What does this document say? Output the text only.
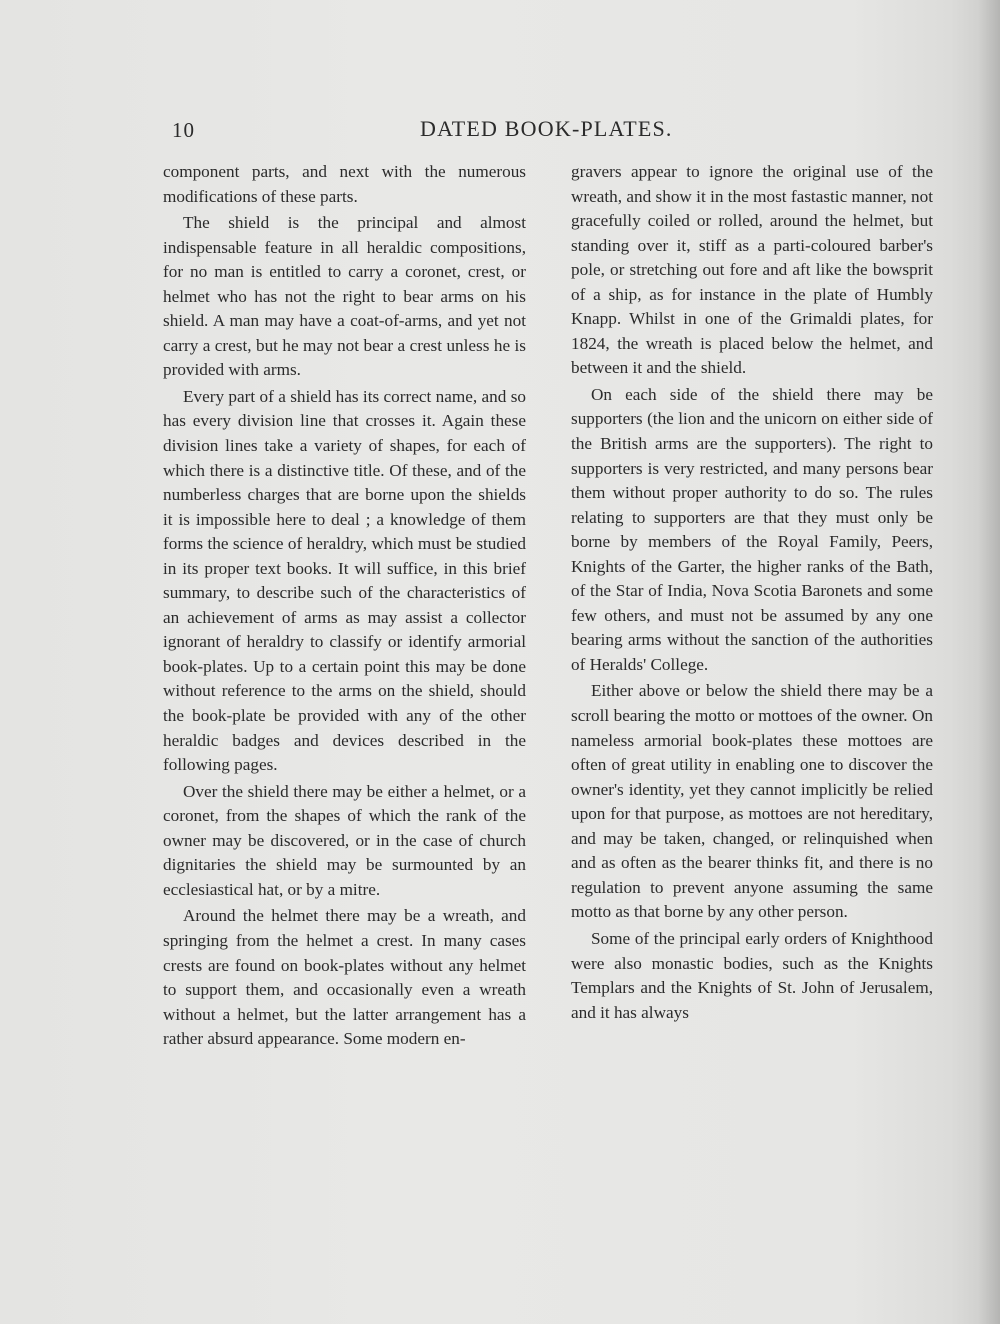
10	DATED BOOK-PLATES.

component parts, and next with the numerous modifications of these parts.

The shield is the principal and almost indispensable feature in all heraldic compositions, for no man is entitled to carry a coronet, crest, or helmet who has not the right to bear arms on his shield. A man may have a coat-of-arms, and yet not carry a crest, but he may not bear a crest unless he is provided with arms.

Every part of a shield has its correct name, and so has every division line that crosses it. Again these division lines take a variety of shapes, for each of which there is a distinctive title. Of these, and of the numberless charges that are borne upon the shields it is impossible here to deal ; a knowledge of them forms the science of heraldry, which must be studied in its proper text books. It will suffice, in this brief summary, to describe such of the characteristics of an achievement of arms as may assist a collector ignorant of heraldry to classify or identify armorial book-plates. Up to a certain point this may be done without reference to the arms on the shield, should the book-plate be provided with any of the other heraldic badges and devices described in the following pages.

Over the shield there may be either a helmet, or a coronet, from the shapes of which the rank of the owner may be discovered, or in the case of church dignitaries the shield may be surmounted by an ecclesiastical hat, or by a mitre.

Around the helmet there may be a wreath, and springing from the helmet a crest. In many cases crests are found on book-plates without any helmet to support them, and occasionally even a wreath without a helmet, but the latter arrangement has a rather absurd appearance. Some modern en-

gravers appear to ignore the original use of the wreath, and show it in the most fastastic manner, not gracefully coiled or rolled, around the helmet, but standing over it, stiff as a parti-coloured barber's pole, or stretching out fore and aft like the bowsprit of a ship, as for instance in the plate of Humbly Knapp. Whilst in one of the Grimaldi plates, for 1824, the wreath is placed below the helmet, and between it and the shield.

On each side of the shield there may be supporters (the lion and the unicorn on either side of the British arms are the supporters). The right to supporters is very restricted, and many persons bear them without proper authority to do so. The rules relating to supporters are that they must only be borne by members of the Royal Family, Peers, Knights of the Garter, the higher ranks of the Bath, of the Star of India, Nova Scotia Baronets and some few others, and must not be assumed by any one bearing arms without the sanction of the authorities of Heralds' College.

Either above or below the shield there may be a scroll bearing the motto or mottoes of the owner. On nameless armorial book-plates these mottoes are often of great utility in enabling one to discover the owner's identity, yet they cannot implicitly be relied upon for that purpose, as mottoes are not hereditary, and may be taken, changed, or relinquished when and as often as the bearer thinks fit, and there is no regulation to prevent anyone assuming the same motto as that borne by any other person.

Some of the principal early orders of Knighthood were also monastic bodies, such as the Knights Templars and the Knights of St. John of Jerusalem, and it has always
